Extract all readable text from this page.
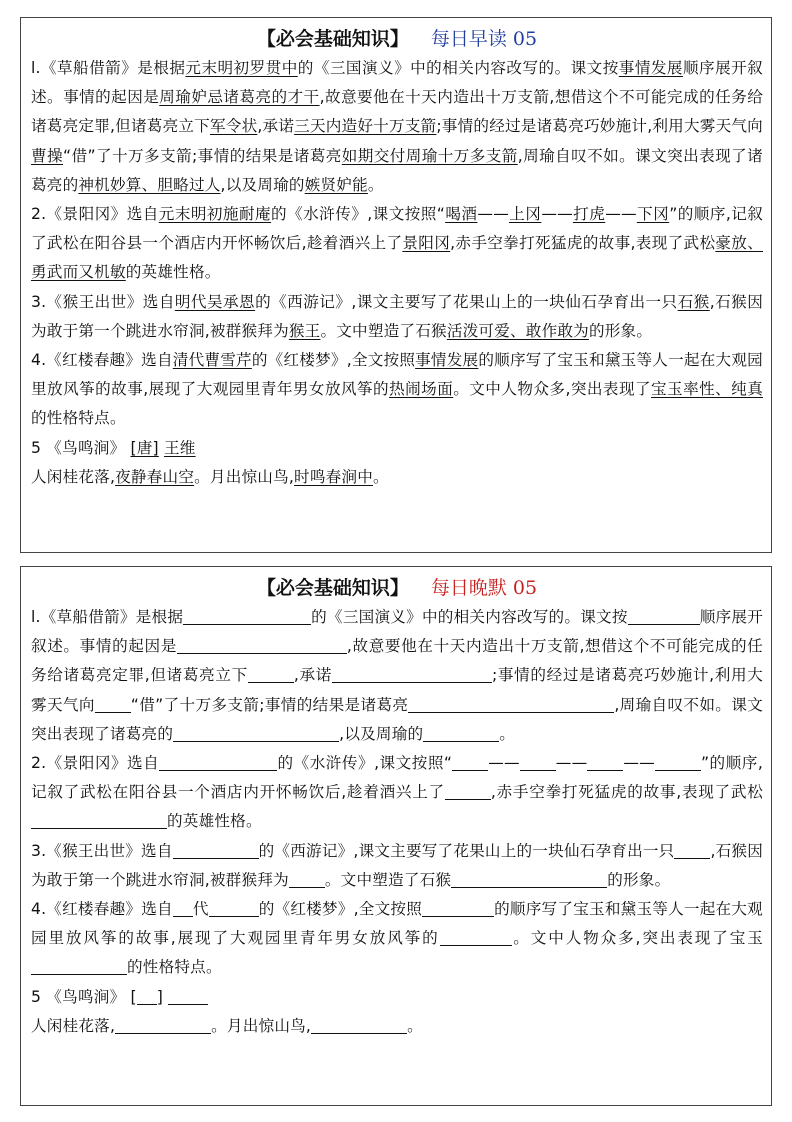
【必会基础知识】 每日早读 05

l.《草船借箭》是根据元末明初罗贯中的《三国演义》中的相关内容改写的。课文按事情发展顺序展开叙述。事情的起因是周瑜妒忌诸葛亮的才干,故意要他在十天内造出十万支箭,想借这个不可能完成的任务给诸葛亮定罪,但诸葛亮立下军令状,承诺三天内造好十万支箭;事情的经过是诸葛亮巧妙施计,利用大雾天气向曹操“借”了十万多支箭;事情的结果是诸葛亮如期交付周瑜十万多支箭,周瑜自叹不如。课文突出表现了诸葛亮的神机妙算、胆略过人,以及周瑜的嫉贤妒能。

2.《景阳冈》选自元末明初施耐庵的《水浒传》,课文按照“喝酒——上冈——打虎——下冈”的顺序,记叙了武松在阳谷县一个酒店内开怀畅饮后,趁着酒兴上了景阳冈,赤手空拳打死猛虎的故事,表现了武松豪放、勇武而又机敏的英雄性格。

3.《猴王出世》选自明代吴承恩的《西游记》,课文主要写了花果山上的一块仙石孕育出一只石猴,石猴因为敢于第一个跳进水帘洞,被群猴拜为猴王。文中塑造了石猴活泼可爱、敢作敢为的形象。

4.《红楼春趣》选自清代曹雪芹的《红楼梦》,全文按照事情发展的顺序写了宝玉和黛玉等人一起在大观园里放风筝的故事,展现了大观园里青年男女放风筝的热闹场面。文中人物众多,突出表现了宝玉率性、纯真的性格特点。

5 《鸟鸣涧》 [唐] 王维

人闲桂花落,夜静春山空。月出惊山鸟,时鸣春涧中。

【必会基础知识】 每日晚默 05

l.《草船借箭》是根据	的《三国演义》中的相关内容改写的。课文按	顺序展开叙述。事情的起因是	,故意要他在十天内造出十万支箭,想借这个不可能完成的任务给诸葛亮定罪,但诸葛亮立下	,承诺	;事情的经过是诸葛亮巧妙施计,利用大雾天气向 “借”了十万多支箭;事情的结果是诸葛亮	,周瑜自叹不如。课文突出表现了诸葛亮的	,以及周瑜的	。

2.《景阳冈》选自	的《水浒传》,课文按照“ —— —— ——	”的顺序,记叙了武松在阳谷县一个酒店内开怀畅饮后,趁着酒兴上了	,赤手空拳打死猛虎的故事,表现了武松的英雄性格。

3.《猴王出世》选自	的《西游记》,课文主要写了花果山上的一块仙石孕育出一只 ,石猴因为敢于第一个跳进水帘洞,被群猴拜为 。文中塑造了石猴	的形象。

4.《红楼春趣》选自 代	的《红楼梦》,全文按照	的顺序写了宝玉和黛玉等人一起在大观园里放风筝的故事,展现了大观园里青年男女放风筝的	。文中人物众多,突出表现了宝玉的性格特点。

5 《鸟鸣涧》 [ ]

人闲桂花落,	。月出惊山鸟,	。
